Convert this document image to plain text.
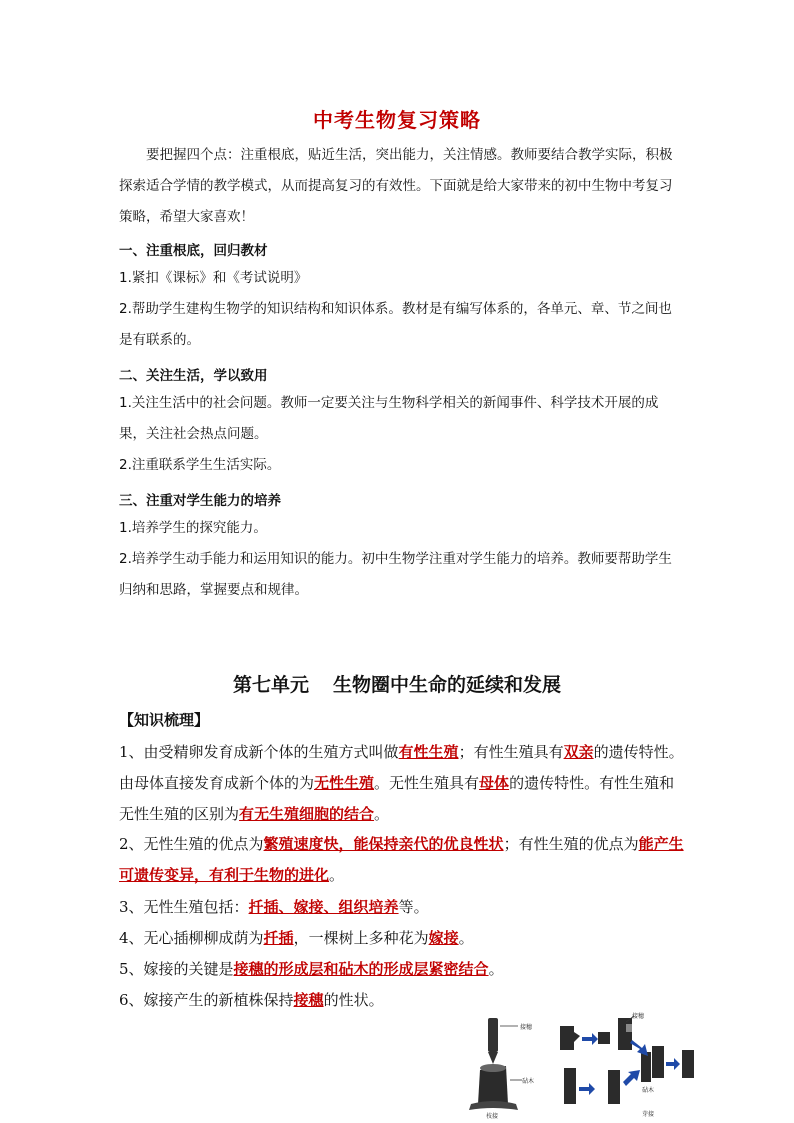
中考生物复习策略
要把握四个点：注重根底，贴近生活，突出能力，关注情感。教师要结合教学实际，积极探索适合学情的教学模式，从而提高复习的有效性。下面就是给大家带来的初中生物中考复习策略，希望大家喜欢！
一、注重根底，回归教材
1.紧扣《课标》和《考试说明》
2.帮助学生建构生物学的知识结构和知识体系。教材是有编写体系的，各单元、章、节之间也是有联系的。
二、关注生活，学以致用
1.关注生活中的社会问题。教师一定要关注与生物科学相关的新闻事件、科学技术开展的成果，关注社会热点问题。
2.注重联系学生生活实际。
三、注重对学生能力的培养
1.培养学生的探究能力。
2.培养学生动手能力和运用知识的能力。初中生物学注重对学生能力的培养。教师要帮助学生归纳和思路，掌握要点和规律。
第七单元 生物圈中生命的延续和发展
【知识梳理】
1、由受精卵发育成新个体的生殖方式叫做有性生殖；有性生殖具有双亲的遗传特性。由母体直接发育成新个体的为无性生殖。无性生殖具有母体的遗传特性。有性生殖和无性生殖的区别为有无生殖细胞的结合。
2、无性生殖的优点为繁殖速度快，能保持亲代的优良性状；有性生殖的优点为能产生可遗传变异，有利于生物的进化。
3、无性生殖包括：扦插、嫁接、组织培养等。
4、无心插柳柳成荫为扦插，一棵树上多种花为嫁接。
5、嫁接的关键是接穗的形成层和砧木的形成层紧密结合。
6、嫁接产生的新植株保持接穗的性状。
接穗
砧木
枝接
接穗
砧木
芽接
